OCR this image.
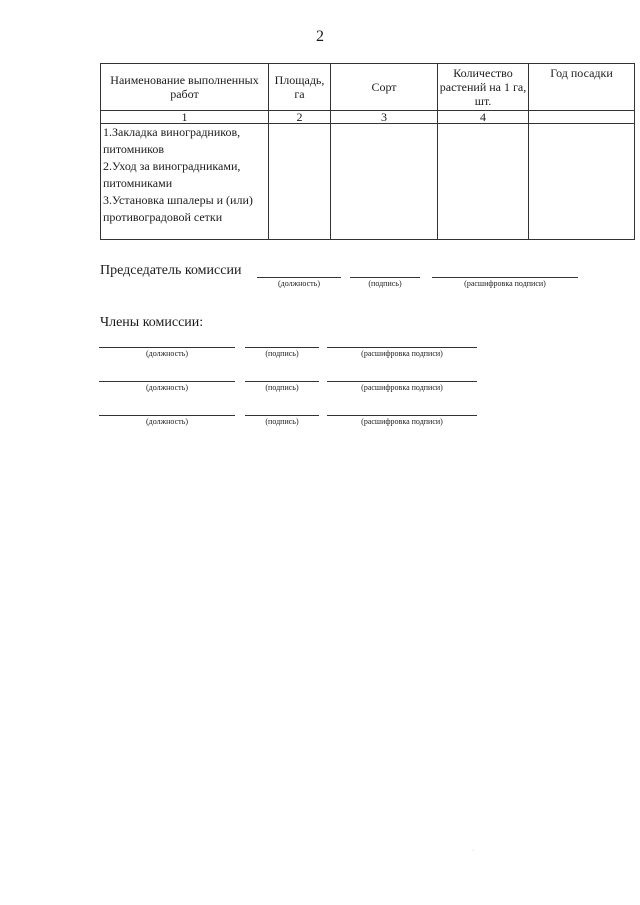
2
Наименование выполненных работ	Площадь, га	Сорт	Количество растений на 1 га, шт.	Год посадки
1	2	3	4	

1.Закладка виноградников, питомников
2.Уход за виноградниками, питомниками
3.Установка шпалеры и (или) противоградовой сетки				

Председатель комиссии
(должность)	(подпись)	(расшифровка подписи)
Члены комиссии:
(должность)	(подпись)	(расшифровка подписи)
(должность)	(подпись)	(расшифровка подписи)
(должность)	(подпись)	(расшифровка подписи)
·
